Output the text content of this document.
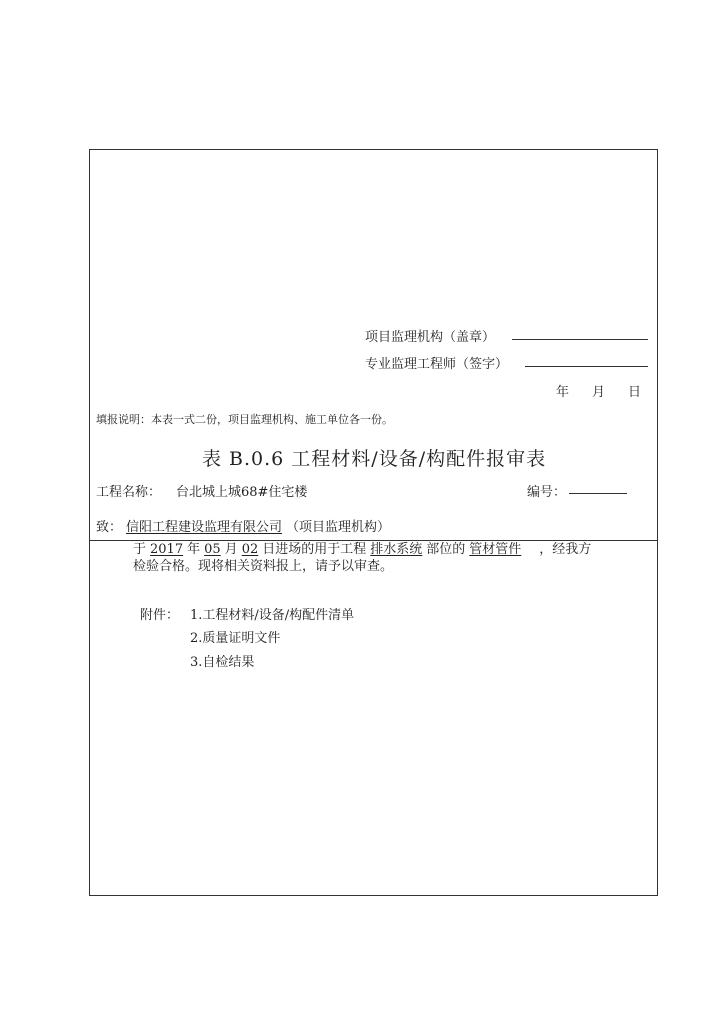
项目监理机构（盖章）
专业监理工程师（签字）
年 月 日
填报说明：本表一式二份，项目监理机构、施工单位各一份。
表 B.0.6 工程材料/设备/构配件报审表
工程名称： 台北城上城68#住宅楼	编号：
致： 信阳工程建设监理有限公司 （项目监理机构）
于 2017 年 05 月 02 日进场的用于工程 排水系统 部位的 管材管件 ，经我方
检验合格。现将相关资料报上，请予以审查。
附件： 1.工程材料/设备/构配件清单
2.质量证明文件
3.自检结果
